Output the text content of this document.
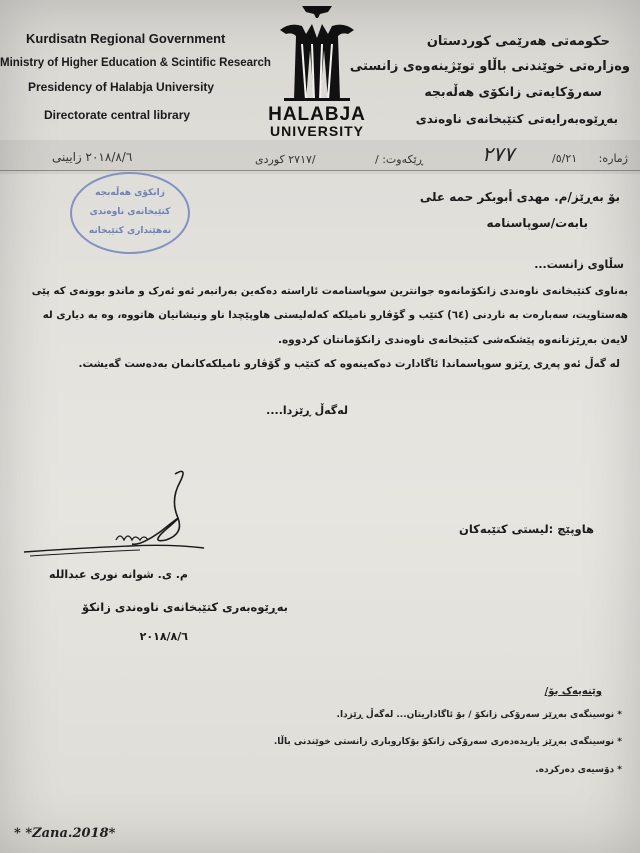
Kurdisatn Regional Government
Ministry of Higher Education & Scintific Research
Presidency of Halabja University
Directorate central library	HALABJA
UNIVERSITY
حکومەتی هەرێمی کوردستان
وەزارەتی خوێندنی باڵاو توێژینەوەی زانستی
سەرۆکایەتی زانکۆی هەڵەبجە
بەڕێوەبەرایەتی کتێبخانەی ناوەندی
ژمارە:
/٥/٢١
٢٧٧
ڕێکەوت: /
/٢٧١٧ کوردی
٢٠١٨/٨/٦ زایینی
زانکۆی هەڵەبجە
کتێبخانەی ناوەندی
نەهێنداری کتێبخانە
بۆ بەڕێز/م. مهدی أبوبکر حمه علی
بابەت/سوپاسنامە
سڵاوی زانست...
بەناوی کتێبخانەی ناوەندی زانکۆمانەوە جوانترین سوپاسنامەت ئاراستە دەکەین بەرانبەر ئەو ئەرک و ماندو بوونەی کە پێی
هەستاویت، سەبارەت بە ناردنی (٦٤) کتێب و گۆڤارو نامیلکە کەلەلیستی هاوپێچدا ناو ونیشانیان هاتووە، وە بە دیاری لە
لایەن بەڕێزتانەوە پێشکەشی کتێبخانەی ناوەندی زانکۆمانتان کردووە.
لە گەڵ ئەو پەڕی ڕێزو سوپاسماندا ئاگادارت دەکەینەوە کە کتێب و گۆڤارو نامیلکەکانمان بەدەست گەیشت.
لەگەڵ ڕێزدا....
هاوپێچ :لیستی کتێبەکان
م. ی. شوانە نوری عبداللە
بەڕێوەبەری کتێبخانەی ناوەندی زانکۆ
٢٠١٨/٨/٦
وێنەیەک بۆ/
* نوسینگەی بەڕێز سەرۆکی زانکۆ / بۆ ئاگاداریتان... لەگەڵ ڕێزدا.
* نوسینگەی بەڕێز یاریدەدەری سەرۆکی زانکۆ بۆکاروباری زانستی خوێندنی باڵا.
* دۆسیەی دەرکردە.
* *Zana.2018*
